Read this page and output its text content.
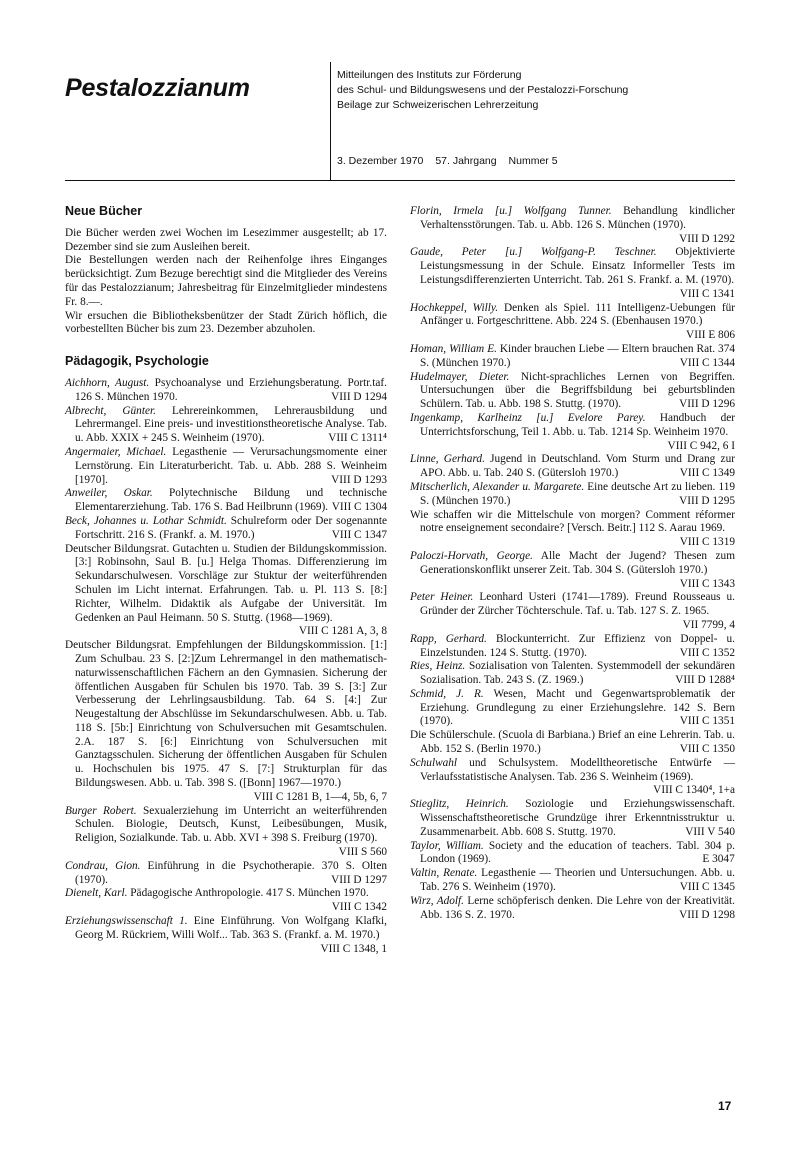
Pestalozzianum	Mitteilungen des Instituts zur Förderung
des Schul- und Bildungswesens und der Pestalozzi-Forschung
Beilage zur Schweizerischen Lehrerzeitung
3. Dezember 1970 57. Jahrgang Nummer 5
Neue Bücher

Die Bücher werden zwei Wochen im Lesezimmer ausgestellt; ab 17. Dezember sind sie zum Ausleihen bereit.

Die Bestellungen werden nach der Reihenfolge ihres Einganges berücksichtigt. Zum Bezuge berechtigt sind die Mitglieder des Vereins für das Pestalozzianum; Jahresbeitrag für Einzelmitglieder mindestens Fr. 8.—.

Wir ersuchen die Bibliotheksbenützer der Stadt Zürich höflich, die vorbestellten Bücher bis zum 23. Dezember abzuholen.

Pädagogik, Psychologie

Aichhorn, August. Psychoanalyse und Erziehungsberatung. Portr.taf. 126 S. München 1970.	VIII D 1294

Albrecht, Günter. Lehrereinkommen, Lehrerausbildung und Lehrermangel. Eine preis- und investitionstheoretische Analyse. Tab. u. Abb. XXIX + 245 S. Weinheim (1970).	VIII C 1311⁴

Angermaier, Michael. Legasthenie — Verursachungsmomente einer Lernstörung. Ein Literaturbericht. Tab. u. Abb. 288 S. Weinheim [1970].	VIII D 1293

Anweiler, Oskar. Polytechnische Bildung und technische Elementarerziehung. Tab. 176 S. Bad Heilbrunn (1969). VIII C 1304

Beck, Johannes u. Lothar Schmidt. Schulreform oder Der sogenannte Fortschritt. 216 S. (Frankf. a. M. 1970.)	VIII C 1347

Deutscher Bildungsrat. Gutachten u. Studien der Bildungskommission. [3:] Robinsohn, Saul B. [u.] Helga Thomas. Differenzierung im Sekundarschulwesen. Vorschläge zur Stuktur der weiterführenden Schulen im Licht internat. Erfahrungen. Tab. u. Pl. 113 S. [8:] Richter, Wilhelm. Didaktik als Aufgabe der Universität. Im Gedenken an Paul Heimann. 50 S. Stuttg. (1968—1969).
VIII C 1281 A, 3, 8

Deutscher Bildungsrat. Empfehlungen der Bildungskommission. [1:] Zum Schulbau. 23 S. [2:]Zum Lehrermangel in den mathematisch-naturwissenschaftlichen Fächern an den Gymnasien. Sicherung der öffentlichen Ausgaben für Schulen bis 1970. Tab. 39 S. [3:] Zur Verbesserung der Lehrlingsausbildung. Tab. 64 S. [4:] Zur Neugestaltung der Abschlüsse im Sekundarschulwesen. Abb. u. Tab. 118 S. [5b:] Einrichtung von Schulversuchen mit Gesamtschulen. 2.A. 187 S. [6:] Einrichtung von Schulversuchen mit Ganztagsschulen. Sicherung der öffentlichen Ausgaben für Schulen u. Hochschulen bis 1975. 47 S. [7:] Strukturplan für das Bildungswesen. Abb. u. Tab. 398 S. ([Bonn] 1967—1970.)
VIII C 1281 B, 1—4, 5b, 6, 7

Burger Robert. Sexualerziehung im Unterricht an weiterführenden Schulen. Biologie, Deutsch, Kunst, Leibesübungen, Musik, Religion, Sozialkunde. Tab. u. Abb. XVI + 398 S. Freiburg (1970).
VIII S 560

Condrau, Gion. Einführung in die Psychotherapie. 370 S. Olten (1970).	VIII D 1297

Dienelt, Karl. Pädagogische Anthropologie. 417 S. München 1970.
VIII C 1342

Erziehungswissenschaft 1. Eine Einführung. Von Wolfgang Klafki, Georg M. Rückriem, Willi Wolf... Tab. 363 S. (Frankf. a. M. 1970.)
VIII C 1348, 1

Florin, Irmela [u.] Wolfgang Tunner. Behandlung kindlicher Verhaltensstörungen. Tab. u. Abb. 126 S. München (1970).
VIII D 1292

Gaude, Peter [u.] Wolfgang-P. Teschner. Objektivierte Leistungsmessung in der Schule. Einsatz Informeller Tests im Leistungsdifferenzierten Unterricht. Tab. 261 S. Frankf. a. M. (1970).
VIII C 1341

Hochkeppel, Willy. Denken als Spiel. 111 Intelligenz-Uebungen für Anfänger u. Fortgeschrittene. Abb. 224 S. (Ebenhausen 1970.)
VIII E 806

Homan, William E. Kinder brauchen Liebe — Eltern brauchen Rat. 374 S. (München 1970.)	VIII C 1344

Hudelmayer, Dieter. Nicht-sprachliches Lernen von Begriffen. Untersuchungen über die Begriffsbildung bei geburtsblinden Schülern. Tab. u. Abb. 198 S. Stuttg. (1970).	VIII D 1296

Ingenkamp, Karlheinz [u.] Evelore Parey. Handbuch der Unterrichtsforschung, Teil 1. Abb. u. Tab. 1214 Sp. Weinheim 1970.
VIII C 942, 6 I

Linne, Gerhard. Jugend in Deutschland. Vom Sturm und Drang zur APO. Abb. u. Tab. 240 S. (Gütersloh 1970.)	VIII C 1349

Mitscherlich, Alexander u. Margarete. Eine deutsche Art zu lieben. 119 S. (München 1970.)	VIII D 1295

Wie schaffen wir die Mittelschule von morgen? Comment réformer notre enseignement secondaire? [Versch. Beitr.] 112 S. Aarau 1969.
VIII C 1319

Paloczi-Horvath, George. Alle Macht der Jugend? Thesen zum Generationskonflikt unserer Zeit. Tab. 304 S. (Gütersloh 1970.)
VIII C 1343

Peter Heiner. Leonhard Usteri (1741—1789). Freund Rousseaus u. Gründer der Zürcher Töchterschule. Taf. u. Tab. 127 S. Z. 1965.
VII 7799, 4

Rapp, Gerhard. Blockunterricht. Zur Effizienz von Doppel- u. Einzelstunden. 124 S. Stuttg. (1970).	VIII C 1352

Ries, Heinz. Sozialisation von Talenten. Systemmodell der sekundären Sozialisation. Tab. 243 S. (Z. 1969.)	VIII D 1288⁴

Schmid, J. R. Wesen, Macht und Gegenwartsproblematik der Erziehung. Grundlegung zu einer Erziehungslehre. 142 S. Bern (1970).	VIII C 1351

Die Schülerschule. (Scuola di Barbiana.) Brief an eine Lehrerin. Tab. u. Abb. 152 S. (Berlin 1970.)	VIII C 1350

Schulwahl und Schulsystem. Modelltheoretische Entwürfe — Verlaufsstatistische Analysen. Tab. 236 S. Weinheim (1969).
VIII C 1340⁴, 1+a

Stieglitz, Heinrich. Soziologie und Erziehungswissenschaft. Wissenschaftstheoretische Grundzüge ihrer Erkenntnisstruktur u. Zusammenarbeit. Abb. 608 S. Stuttg. 1970.	VIII V 540

Taylor, William. Society and the education of teachers. Tabl. 304 p. London (1969).	E 3047

Valtin, Renate. Legasthenie — Theorien und Untersuchungen. Abb. u. Tab. 276 S. Weinheim (1970).	VIII C 1345

Wirz, Adolf. Lerne schöpferisch denken. Die Lehre von der Kreativität. Abb. 136 S. Z. 1970.	VIII D 1298

17
